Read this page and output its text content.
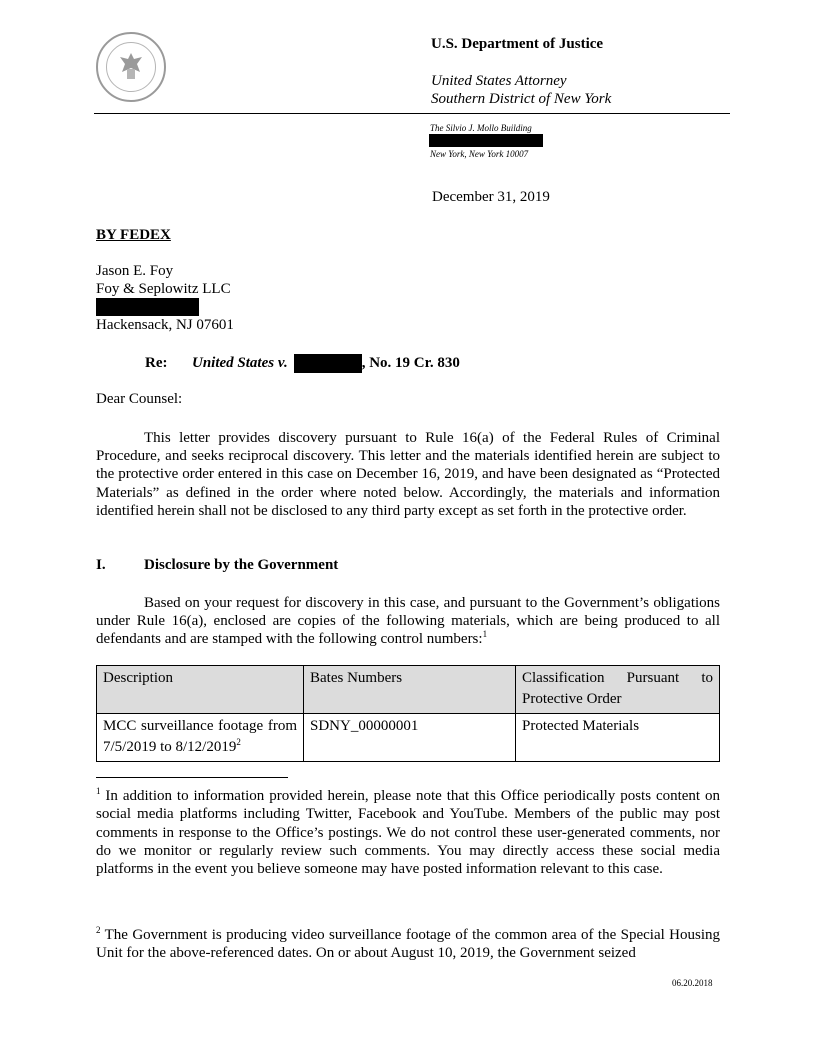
U.S. Department of Justice
United States Attorney
Southern District of New York
The Silvio J. Mollo Building
New York, New York 10007
December 31, 2019
BY FEDEX
Jason E. Foy
Foy & Seplowitz LLC
Hackensack, NJ 07601
Re:	United States v.	, No. 19 Cr. 830
Dear Counsel:
This letter provides discovery pursuant to Rule 16(a) of the Federal Rules of Criminal Procedure, and seeks reciprocal discovery. This letter and the materials identified herein are subject to the protective order entered in this case on December 16, 2019, and have been designated as “Protected Materials” as defined in the order where noted below. Accordingly, the materials and information identified herein shall not be disclosed to any third party except as set forth in the protective order.
I.	Disclosure by the Government
Based on your request for discovery in this case, and pursuant to the Government’s obligations under Rule 16(a), enclosed are copies of the following materials, which are being produced to all defendants and are stamped with the following control numbers:$^1$
Description	Bates Numbers	Classification Pursuant to Protective Order
MCC surveillance footage from 7/5/2019 to 8/12/2019$^2$	SDNY_00000001	Protected Materials
$^1$ In addition to information provided herein, please note that this Office periodically posts content on social media platforms including Twitter, Facebook and YouTube. Members of the public may post comments in response to the Office’s postings. We do not control these user-generated comments, nor do we monitor or regularly review such comments. You may directly access these social media platforms in the event you believe someone may have posted information relevant to this case.
$^2$ The Government is producing video surveillance footage of the common area of the Special Housing Unit for the above-referenced dates. On or about August 10, 2019, the Government seized
06.20.2018
